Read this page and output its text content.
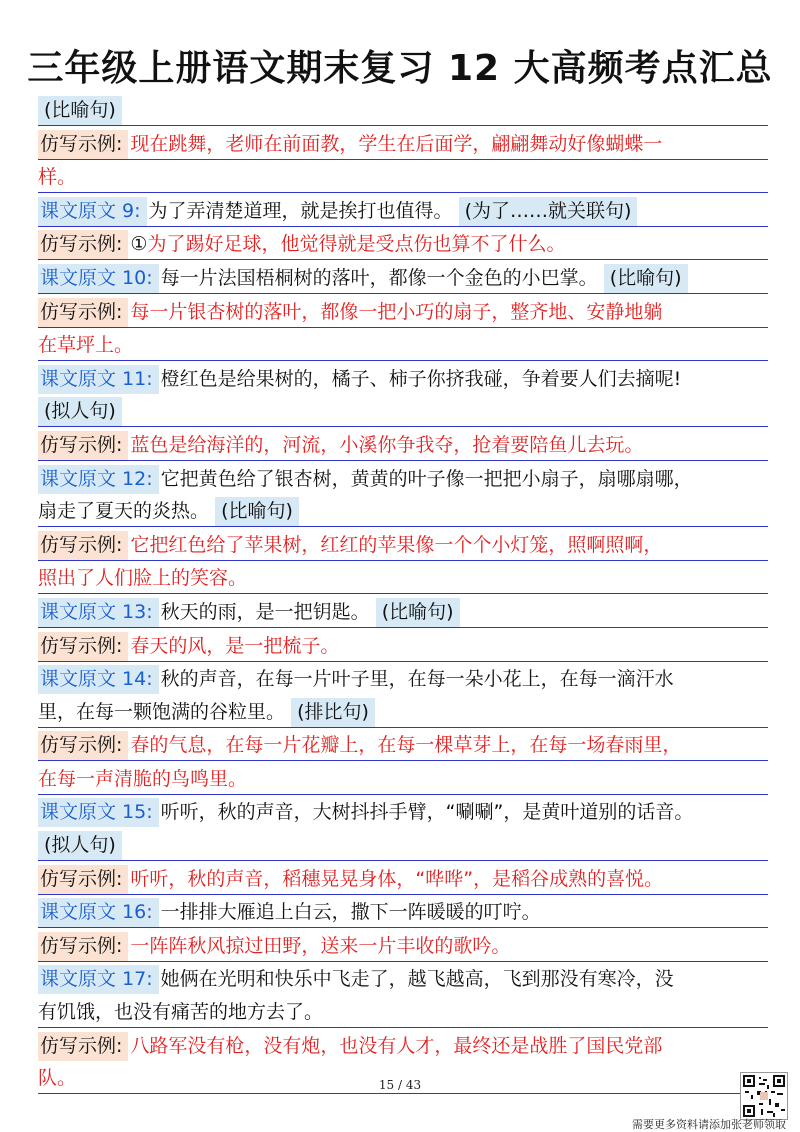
三年级上册语文期末复习 12 大高频考点汇总
(比喻句)
仿写示例: 现在跳舞，老师在前面教，学生在后面学，翩翩舞动好像蝴蝶一
样。
课文原文 9: 为了弄清楚道理，就是挨打也值得。 (为了……就关联句)
仿写示例: ①为了踢好足球，他觉得就是受点伤也算不了什么。
课文原文 10: 每一片法国梧桐树的落叶，都像一个金色的小巴掌。 (比喻句)
仿写示例: 每一片银杏树的落叶，都像一把小巧的扇子，整齐地、安静地躺
在草坪上。
课文原文 11: 橙红色是给果树的，橘子、柿子你挤我碰，争着要人们去摘呢!
(拟人句)
仿写示例: 蓝色是给海洋的，河流，小溪你争我夺，抢着要陪鱼儿去玩。
课文原文 12: 它把黄色给了银杏树，黄黄的叶子像一把把小扇子，扇哪扇哪，
扇走了夏天的炎热。 (比喻句)
仿写示例: 它把红色给了苹果树，红红的苹果像一个个小灯笼，照啊照啊，
照出了人们脸上的笑容。
课文原文 13: 秋天的雨，是一把钥匙。 (比喻句)
仿写示例: 春天的风，是一把梳子。
课文原文 14: 秋的声音，在每一片叶子里，在每一朵小花上，在每一滴汗水
里，在每一颗饱满的谷粒里。 (排比句)
仿写示例: 春的气息，在每一片花瓣上，在每一棵草芽上，在每一场春雨里，
在每一声清脆的鸟鸣里。
课文原文 15: 听听，秋的声音，大树抖抖手臂，“唰唰”，是黄叶道别的话音。
(拟人句)
仿写示例: 听听，秋的声音，稻穗晃晃身体，“哗哗”，是稻谷成熟的喜悦。
课文原文 16: 一排排大雁追上白云，撒下一阵暖暖的叮咛。
仿写示例: 一阵阵秋风掠过田野，送来一片丰收的歌吟。
课文原文 17: 她俩在光明和快乐中飞走了，越飞越高，飞到那没有寒冷，没
有饥饿，也没有痛苦的地方去了。
仿写示例: 八路军没有枪，没有炮，也没有人才，最终还是战胜了国民党部
队。	15 / 43
需要更多资料请添加张老师领取
